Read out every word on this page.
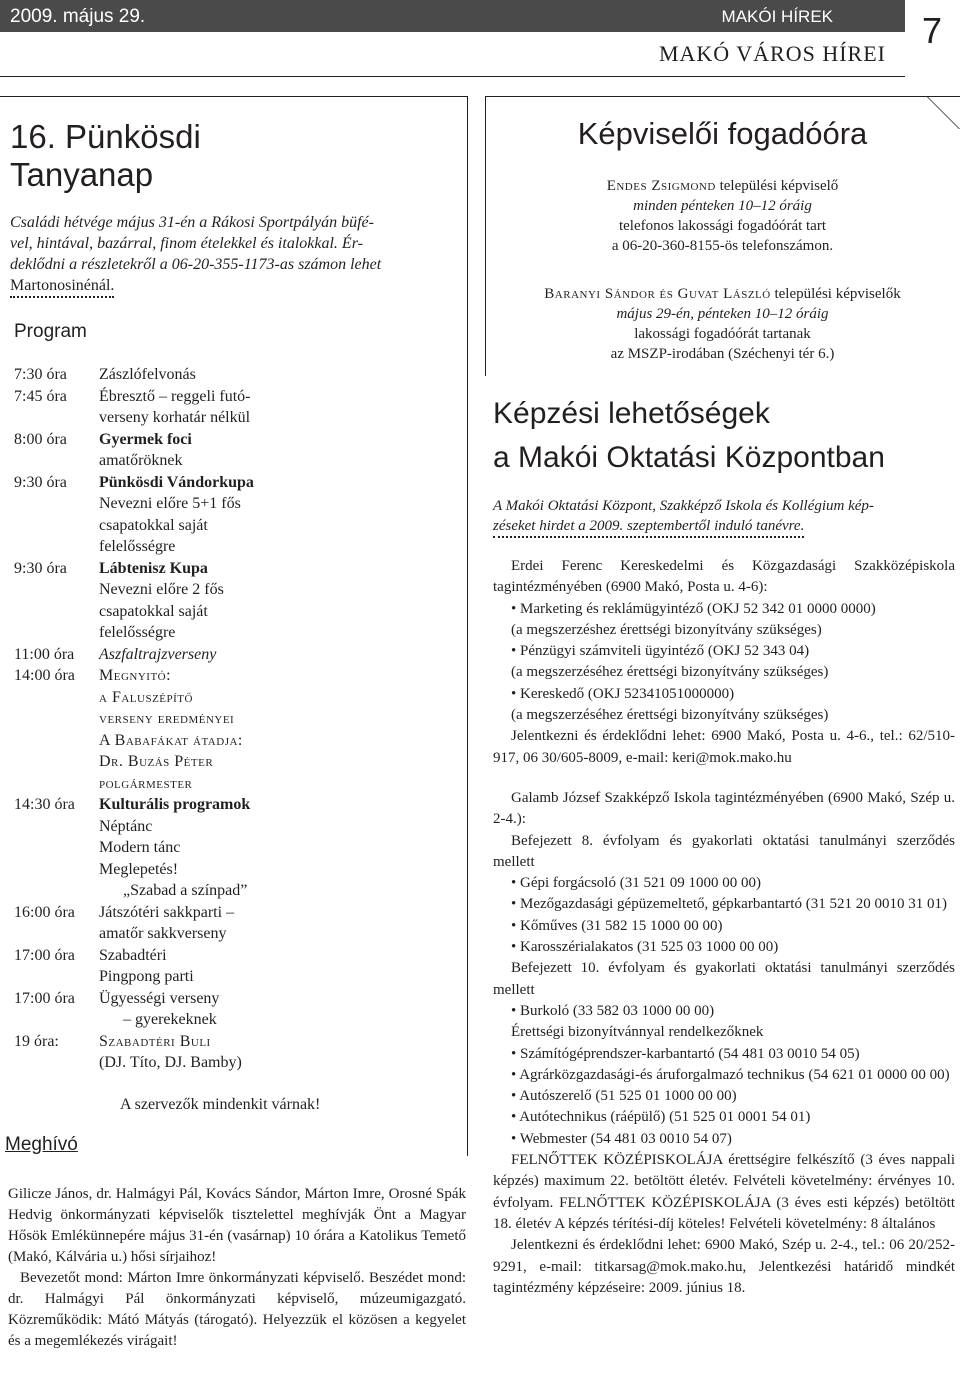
2009. május 29.	MAKÓI HÍREK
MAKÓ VÁROS HÍREI
7
16. Pünkösdi
Tanyanap
Családi hétvége május 31-én a Rákosi Sportpályán büfé-
vel, hintával, bazárral, finom ételekkel és italokkal. Ér-
deklődni a részletekről a 06-20-355-1173-as számon lehet
Martonosinénál.
Program
7:30 óra	Zászlófelvonás
7:45 óra	Ébresztő – reggeli futó-
verseny korhatár nélkül
8:00 óra	Gyermek foci
amatőröknek
9:30 óra	Pünkösdi Vándorkupa
Nevezni előre 5+1 fős
csapatokkal saját
felelősségre
9:30 óra	Lábtenisz Kupa
Nevezni előre 2 fős
csapatokkal saját
felelősségre
11:00 óra	Aszfaltrajzverseny
14:00 óra	Megnyitó:
a Faluszépítő
verseny eredményei
A Babafákat átadja:
Dr. Buzás Péter
polgármester
14:30 óra	Kulturális programok
Néptánc
Modern tánc
Meglepetés!
„Szabad a színpad”
16:00 óra	Játszótéri sakkparti –
amatőr sakkverseny
17:00 óra	Szabadtéri
Pingpong parti
17:00 óra	Ügyességi verseny
– gyerekeknek
19 óra:	Szabadtéri Buli
(DJ. Títo, DJ. Bamby)
A szervezők mindenkit várnak!
Meghívó

Gilicze János, dr. Halmágyi Pál, Kovács Sándor, Márton Imre, Orosné Spák Hedvig önkormányzati képviselők tisztelettel meghívják Önt a Magyar Hősök Emlékünnepére május 31-én (vasárnap) 10 órára a Katolikus Temető (Makó, Kálvária u.) hősi sírjaihoz!

Bevezetőt mond: Márton Imre önkormányzati képviselő. Beszédet mond: dr. Halmágyi Pál önkormányzati képviselő, múzeumigazgató. Közreműködik: Mátó Mátyás (tárogató). Helyezzük el közösen a kegyelet és a megemlékezés virágait!

Képviselői fogadóóra
Endes Zsigmond települési képviselő
minden pénteken 10–12 óráig
telefonos lakossági fogadóórát tart
a 06-20-360-8155-ös telefonszámon.
Baranyi Sándor és Guvat László települési képviselők
május 29-én, pénteken 10–12 óráig
lakossági fogadóórát tartanak
az MSZP-irodában (Széchenyi tér 6.)
Képzési lehetőségek
a Makói Oktatási Központban
A Makói Oktatási Központ, Szakképző Iskola és Kollégium kép-
zéseket hirdet a 2009. szeptembertől induló tanévre.

Erdei Ferenc Kereskedelmi és Közgazdasági Szakközépiskola tagintézményében (6900 Makó, Posta u. 4-6):

• Marketing és reklámügyintéző (OKJ 52 342 01 0000 0000)

(a megszerzéshez érettségi bizonyítvány szükséges)

• Pénzügyi számviteli ügyintéző (OKJ 52 343 04)

(a megszerzéséhez érettségi bizonyítvány szükséges)

• Kereskedő (OKJ 52341051000000)

(a megszerzéséhez érettségi bizonyítvány szükséges)

Jelentkezni és érdeklődni lehet: 6900 Makó, Posta u. 4-6., tel.: 62/510-917, 06 30/605-8009, e-mail: keri@mok.mako.hu

Galamb József Szakképző Iskola tagintézményében (6900 Makó, Szép u. 2-4.):

Befejezett 8. évfolyam és gyakorlati oktatási tanulmányi szerződés mellett

• Gépi forgácsoló (31 521 09 1000 00 00)

• Mezőgazdasági gépüzemeltető, gépkarbantartó (31 521 20 0010 31 01)

• Kőműves (31 582 15 1000 00 00)

• Karosszérialakatos (31 525 03 1000 00 00)

Befejezett 10. évfolyam és gyakorlati oktatási tanulmányi szerződés mellett

• Burkoló (33 582 03 1000 00 00)

Érettségi bizonyítvánnyal rendelkezőknek

• Számítógéprendszer-karbantartó (54 481 03 0010 54 05)

• Agrárközgazdasági-és áruforgalmazó technikus (54 621 01 0000 00 00)

• Autószerelő (51 525 01 1000 00 00)

• Autótechnikus (ráépülő) (51 525 01 0001 54 01)

• Webmester (54 481 03 0010 54 07)

FELNŐTTEK KÖZÉPISKOLÁJA érettségire felkészítő (3 éves nappali képzés) maximum 22. betöltött életév. Felvételi követelmény: érvényes 10. évfolyam. FELNŐTTEK KÖZÉPISKOLÁJA (3 éves esti képzés) betöltött 18. életév A képzés térítési-díj köteles! Felvételi követelmény: 8 általános

Jelentkezni és érdeklődni lehet: 6900 Makó, Szép u. 2-4., tel.: 06 20/252-9291, e-mail: titkarsag@mok.mako.hu, Jelentkezési határidő mindkét tagintézmény képzéseire: 2009. június 18.
